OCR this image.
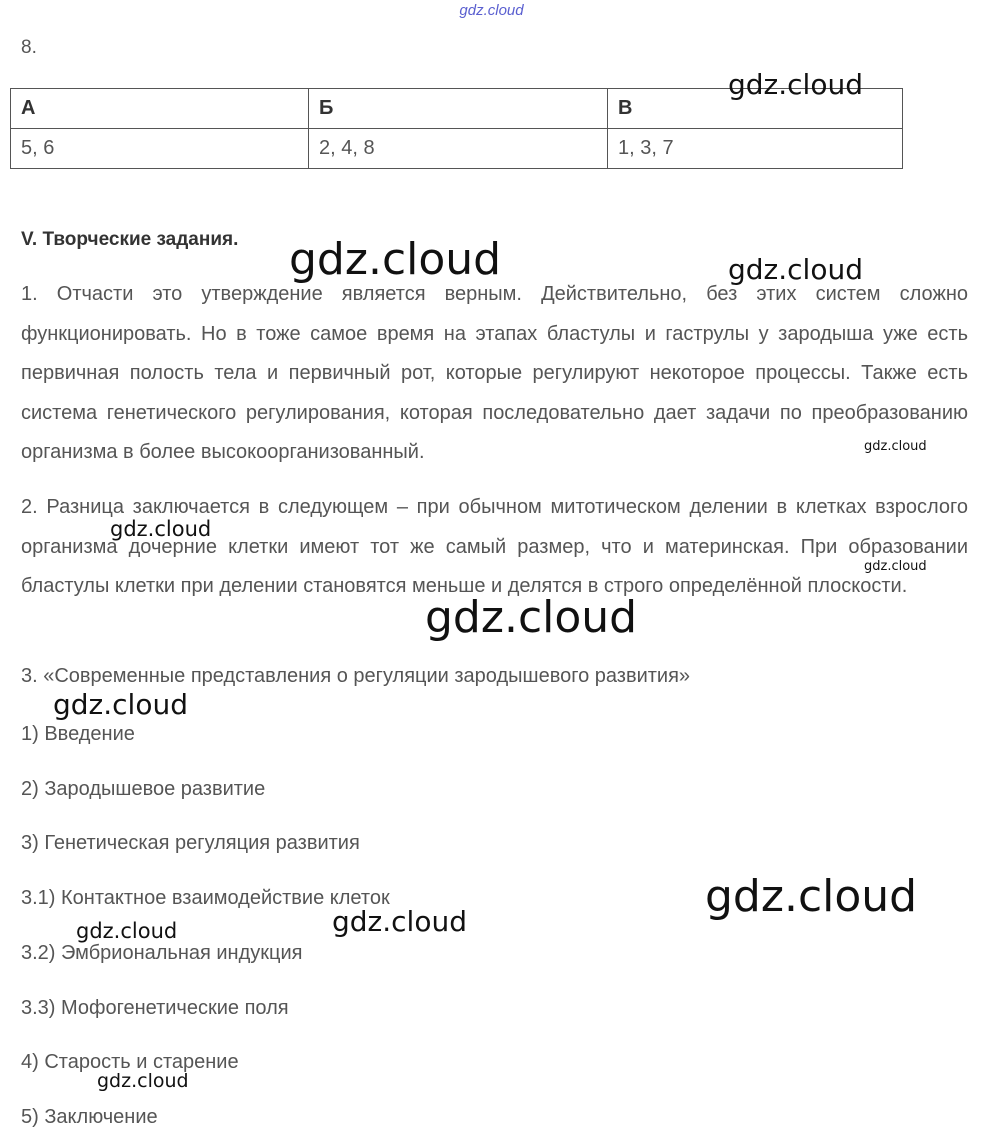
gdz.cloud
8.
А	Б	В
5, 6	2, 4, 8	1, 3, 7
V. Творческие задания.
1. Отчасти это утверждение является верным. Действительно, без этих систем сложно функционировать. Но в тоже самое время на этапах бластулы и гаструлы у зародыша уже есть первичная полость тела и первичный рот, которые регулируют некоторое процессы. Также есть система генетического регулирования, которая последовательно дает задачи по преобразованию организма в более высокоорганизованный.
2. Разница заключается в следующем – при обычном митотическом делении в клетках взрослого организма дочерние клетки имеют тот же самый размер, что и материнская. При образовании бластулы клетки при делении становятся меньше и делятся в строго определённой плоскости.
3. «Современные представления о регуляции зародышевого развития»
1) Введение
2) Зародышевое развитие
3) Генетическая регуляция развития
3.1) Контактное взаимодействие клеток
3.2) Эмбриональная индукция
3.3) Мофогенетические поля
4) Старость и старение
5) Заключение
gdz.cloud
gdz.cloud	gdz.cloud
gdz.cloud
gdz.cloud
gdz.cloud
gdz.cloud
gdz.cloud
gdz.cloud
gdz.cloud
gdz.cloud
gdz.cloud
